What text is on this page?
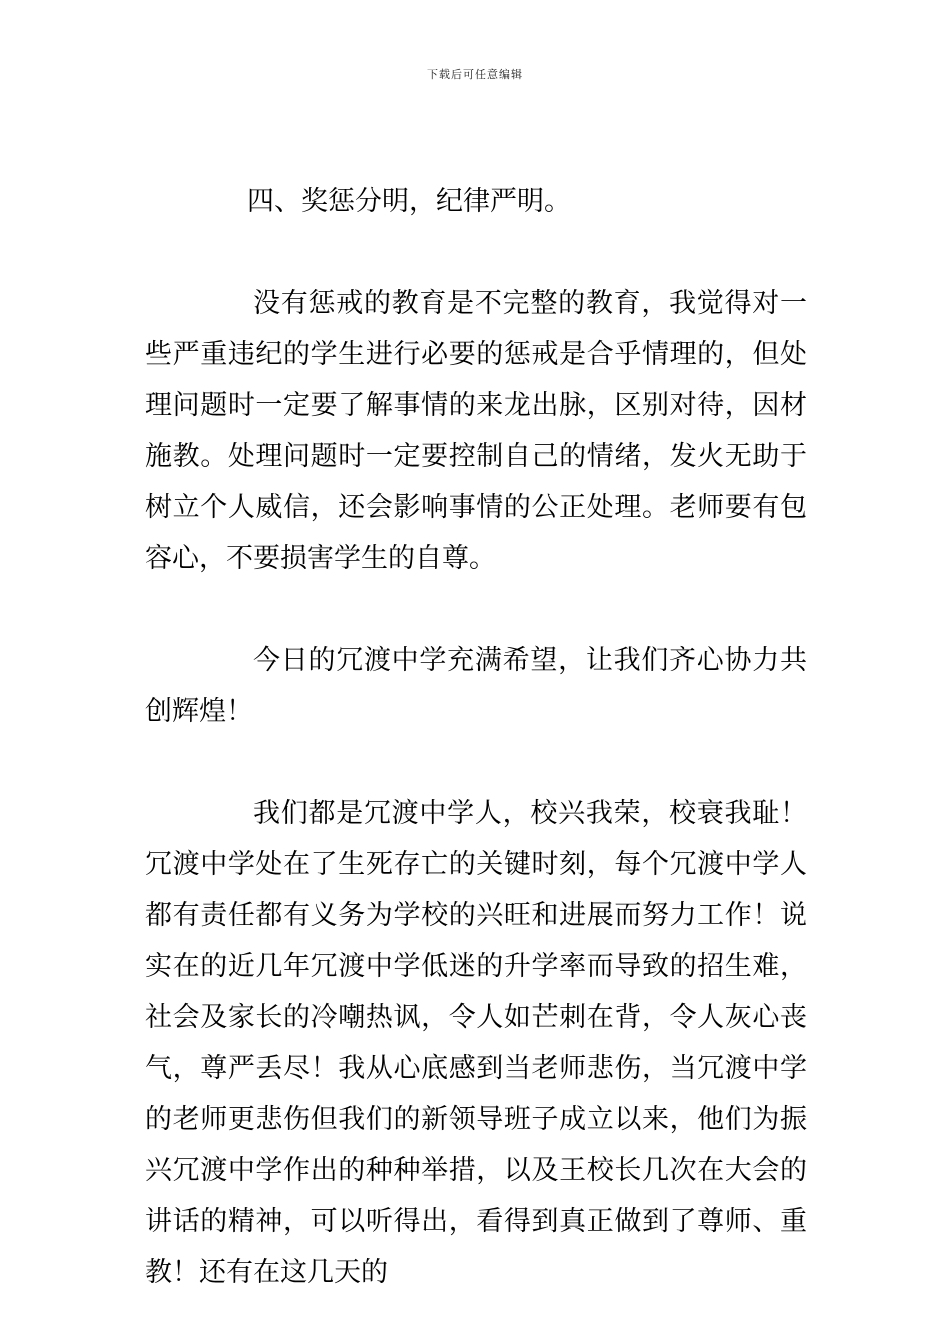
下载后可任意编辑

四、奖惩分明，纪律严明。

没有惩戒的教育是不完整的教育，我觉得对一些严重违纪的学生进行必要的惩戒是合乎情理的，但处理问题时一定要了解事情的来龙出脉，区别对待，因材施教。处理问题时一定要控制自己的情绪，发火无助于树立个人威信，还会影响事情的公正处理。老师要有包容心，不要损害学生的自尊。

今日的冗渡中学充满希望，让我们齐心协力共创辉煌！

我们都是冗渡中学人，校兴我荣，校衰我耻！冗渡中学处在了生死存亡的关键时刻，每个冗渡中学人都有责任都有义务为学校的兴旺和进展而努力工作！说实在的近几年冗渡中学低迷的升学率而导致的招生难，社会及家长的冷嘲热讽，令人如芒刺在背，令人灰心丧气，尊严丢尽！我从心底感到当老师悲伤，当冗渡中学的老师更悲伤但我们的新领导班子成立以来，他们为振兴冗渡中学作出的种种举措，以及王校长几次在大会的讲话的精神，可以听得出，看得到真正做到了尊师、重教！还有在这几天的
